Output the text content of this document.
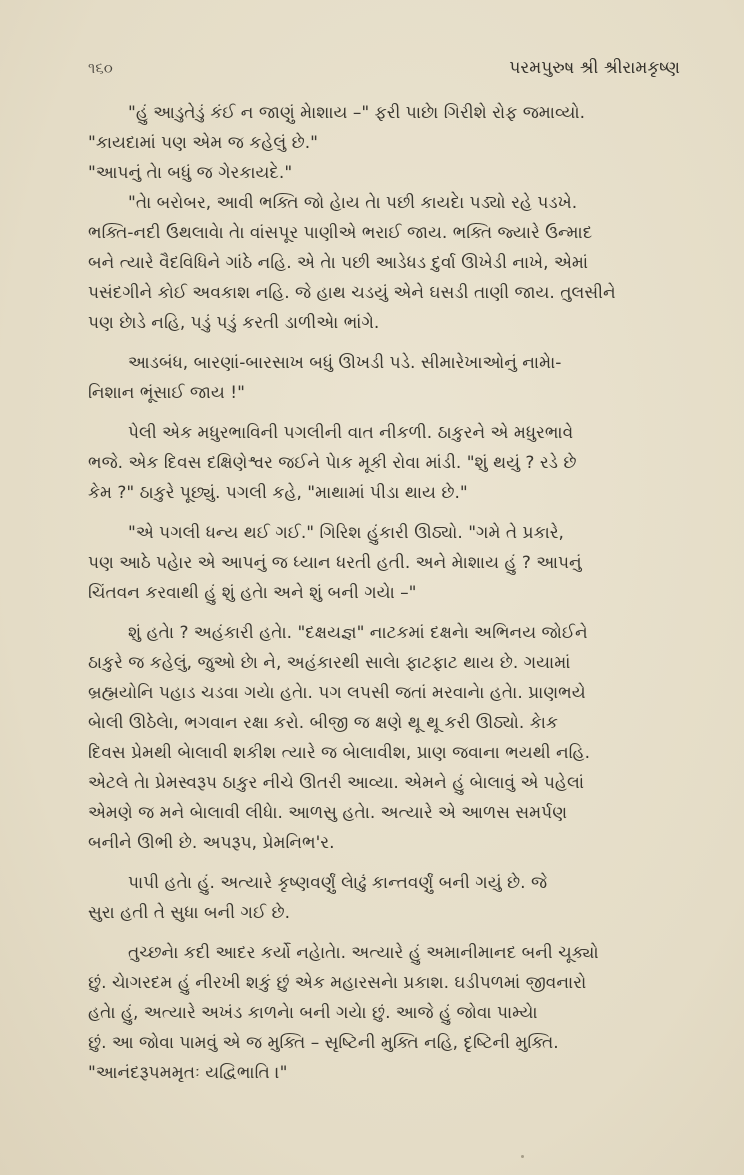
૧૬૦	પરમપુરુષ શ્રી શ્રીરામકૃષ્ણ

"હું આડુતેડું કંઈ ન જાણું મેાશાય –" ફરી પાછેા ગિરીશે રોફ જમાવ્યો.

"કાયદામાં પણ એમ જ કહેલું છે."

"આપનું તેા બધું જ ગેરકાયદે."

"તેા બરોબર, આવી ભક્તિ જો હેાય તેા પછી કાયદેા પડ્યો રહે પડખે.

ભક્તિ-નદી ઉથલાવેા તેા વાંસપૂર પાણીએ ભરાઈ જાય. ભક્તિ જ્યારે ઉન્માદ

બને ત્યારે વૈદવિધિને ગાંઠે નહિ. એ તેા પછી આડેધડ દુર્વા ઊખેડી નાખે, એમાં

પસંદગીને કોઈ અવકાશ નહિ. જે હાથ ચડયું એને ઘસડી તાણી જાય. તુલસીને

પણ છેાડે નહિ, પડું પડું કરતી ડાળીએા ભાંગે.

આડબંધ, બારણાં-બારસાખ બધું ઊખડી પડે. સીમારેખાઓનું નામેા-

નિશાન ભૂંસાઈ જાય !"

પેલી એક મધુરભાવિની પગલીની વાત નીકળી. ઠાકુરને એ મધુરભાવે

ભજે. એક દિવસ દક્ષિણેશ્વર જઈને પેાક મૂકી રોવા માંડી. "શું થયું ? રડે છે

કેમ ?" ઠાકુરે પૂછ્યું. પગલી કહે, "માથામાં પીડા થાય છે."

"એ પગલી ધન્ય થઈ ગઈ." ગિરિશ હુંકારી ઊઠ્યો. "ગમે તે પ્રકારે,

પણ આઠે પહેાર એ આપનું જ ધ્યાન ધરતી હતી. અને મેાશાય હું ? આપનું

ચિંતવન કરવાથી હું શું હતેા અને શું બની ગયેા –"

શું હતેા ? અહંકારી હતેા. "દક્ષયજ્ઞ" નાટકમાં દક્ષનેા અભિનય જોઈને

ઠાકુરે જ કહેલું, જુઓ છેા ને, અહંકારથી સાલેા ફાટફાટ થાય છે. ગયામાં

બ્રહ્મયોનિ પહાડ ચડવા ગયેા હતેા. પગ લપસી જતાં મરવાનેા હતેા. પ્રાણભયે

બેાલી ઊઠેલેા, ભગવાન રક્ષા કરો. બીજી જ ક્ષણે થૂ થૂ કરી ઊઠ્યો. કેાક

દિવસ પ્રેમથી બેાલાવી શકીશ ત્યારે જ બેાલાવીશ, પ્રાણ જવાના ભયથી નહિ.

એટલે તેા પ્રેમસ્વરૂપ ઠાકુર નીચે ઊતરી આવ્યા. એમને હું બેાલાવું એ પહેલાં

એમણે જ મને બેાલાવી લીધેા. આળસુ હતેા. અત્યારે એ આળસ સમર્પણ

બનીને ઊભી છે. અપરૂપ, પ્રેમનિભ'ર.

પાપી હતેા હું. અત્યારે કૃષ્ણવર્ણું લેાઢું કાન્તવર્ણું બની ગયું છે. જે

સુરા હતી તે સુધા બની ગઈ છે.

તુચ્છનેા કદી આદર કર્યો નહેાતેા. અત્યારે હું અમાનીમાનદ બની ચૂક્યો

છું. ચેાગરદમ હું નીરખી શકું છું એક મહારસનેા પ્રકાશ. ઘડીપળમાં જીવનારો

હતેા હું, અત્યારે અખંડ કાળનેા બની ગયેા છું. આજે હું જોવા પામ્યેા

છું. આ જોવા પામવું એ જ મુક્તિ – સૃષ્ટિની મુક્તિ નહિ, દૃષ્ટિની મુક્તિ.

"આનંદરૂપમમૃતઃ યદ્વિભાતિ ।"
